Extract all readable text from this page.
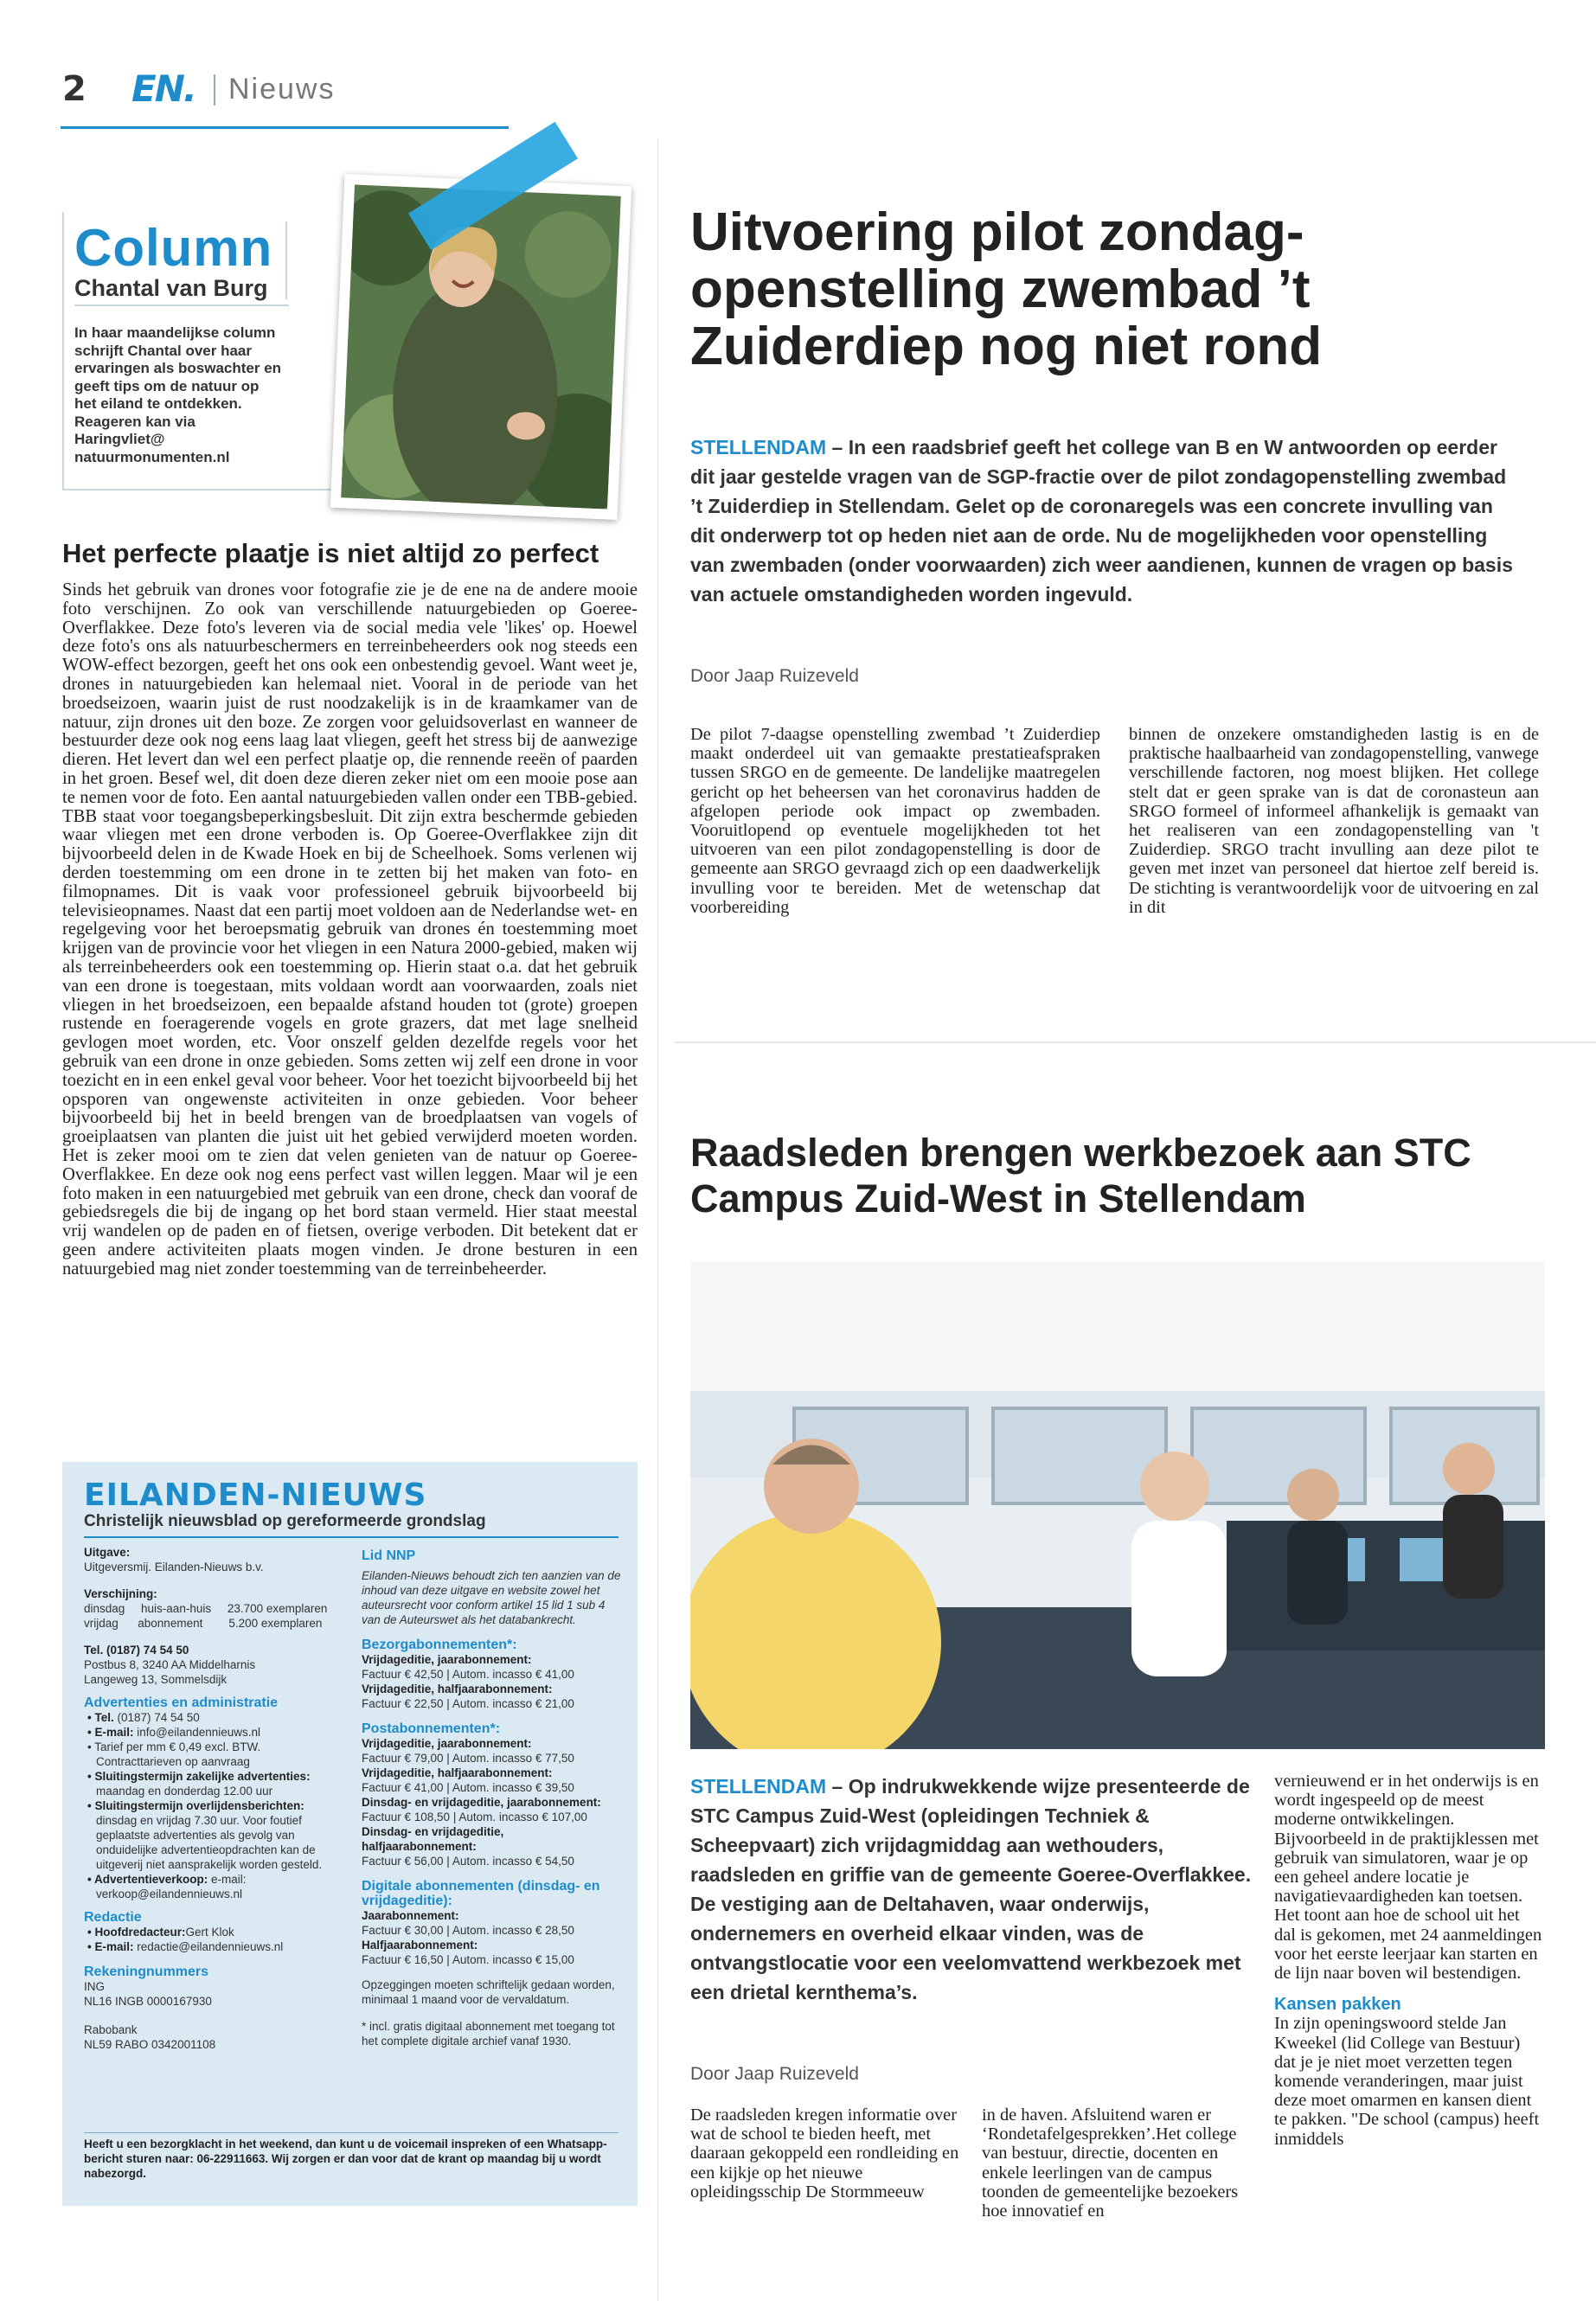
2 EN. Nieuws
Column
Chantal van Burg
In haar maandelijkse column schrijft Chantal over haar ervaringen als boswachter en geeft tips om de natuur op het eiland te ontdekken. Reageren kan via Haringvliet@ natuurmonumenten.nl
Het perfecte plaatje is niet altijd zo perfect
Sinds het gebruik van drones voor fotografie zie je de ene na de andere mooie foto verschijnen. Zo ook van verschillende natuurgebieden op Goeree-Overflakkee. Deze foto's leveren via de social media vele 'likes' op. Hoewel deze foto's ons als natuurbeschermers en terreinbeheerders ook nog steeds een WOW-effect bezorgen, geeft het ons ook een onbestendig gevoel. Want weet je, drones in natuurgebieden kan helemaal niet. Vooral in de periode van het broedseizoen, waarin juist de rust noodzakelijk is in de kraamkamer van de natuur, zijn drones uit den boze. Ze zorgen voor geluidsoverlast en wanneer de bestuurder deze ook nog eens laag laat vliegen, geeft het stress bij de aanwezige dieren. Het levert dan wel een perfect plaatje op, die rennende reeën of paarden in het groen. Besef wel, dit doen deze dieren zeker niet om een mooie pose aan te nemen voor de foto. Een aantal natuurgebieden vallen onder een TBB-gebied. TBB staat voor toegangsbeperkingsbesluit. Dit zijn extra beschermde gebieden waar vliegen met een drone verboden is. Op Goeree-Overflakkee zijn dit bijvoorbeeld delen in de Kwade Hoek en bij de Scheelhoek. Soms verlenen wij derden toestemming om een drone in te zetten bij het maken van foto- en filmopnames. Dit is vaak voor professioneel gebruik bijvoorbeeld bij televisieopnames. Naast dat een partij moet voldoen aan de Nederlandse wet- en regelgeving voor het beroepsmatig gebruik van drones én toestemming moet krijgen van de provincie voor het vliegen in een Natura 2000-gebied, maken wij als terreinbeheerders ook een toestemming op. Hierin staat o.a. dat het gebruik van een drone is toegestaan, mits voldaan wordt aan voorwaarden, zoals niet vliegen in het broedseizoen, een bepaalde afstand houden tot (grote) groepen rustende en foeragerende vogels en grote grazers, dat met lage snelheid gevlogen moet worden, etc. Voor onszelf gelden dezelfde regels voor het gebruik van een drone in onze gebieden. Soms zetten wij zelf een drone in voor toezicht en in een enkel geval voor beheer. Voor het toezicht bijvoorbeeld bij het opsporen van ongewenste activiteiten in onze gebieden. Voor beheer bijvoorbeeld bij het in beeld brengen van de broedplaatsen van vogels of groeiplaatsen van planten die juist uit het gebied verwijderd moeten worden. Het is zeker mooi om te zien dat velen genieten van de natuur op Goeree-Overflakkee. En deze ook nog eens perfect vast willen leggen. Maar wil je een foto maken in een natuurgebied met gebruik van een drone, check dan vooraf de gebiedsregels die bij de ingang op het bord staan vermeld. Hier staat meestal vrij wandelen op de paden en of fietsen, overige verboden. Dit betekent dat er geen andere activiteiten plaats mogen vinden. Je drone besturen in een natuurgebied mag niet zonder toestemming van de terreinbeheerder.
EILANDEN-NIEUWS
Christelijk nieuwsblad op gereformeerde grondslag
Uitgave:
Uitgeversmij. Eilanden-Nieuws b.v.
Verschijning:
dinsdag     huis-aan-huis     23.700 exemplaren
vrijdag      abonnement        5.200 exemplaren
Tel. (0187) 74 54 50
Postbus 8, 3240 AA Middelharnis
Langeweg 13, Sommelsdijk
Advertenties en administratie
• Tel. (0187) 74 54 50
• E-mail: info@eilandennieuws.nl
• Tarief per mm € 0,49 excl. BTW. Contracttarieven op aanvraag
• Sluitingstermijn zakelijke advertenties: maandag en donderdag 12.00 uur
• Sluitingstermijn overlijdensberichten: dinsdag en vrijdag 7.30 uur. Voor foutief geplaatste advertenties als gevolg van onduidelijke advertentieopdrachten kan de uitgeverij niet aansprakelijk worden gesteld.
• Advertentieverkoop: e-mail: verkoop@eilandennieuws.nl
Redactie
• Hoofdredacteur:Gert Klok
• E-mail: redactie@eilandennieuws.nl
Rekeningnummers
ING
NL16 INGB 0000167930
Rabobank
NL59 RABO 0342001108
Lid NNP
Eilanden-Nieuws behoudt zich ten aanzien van de inhoud van deze uitgave en website zowel het auteursrecht voor conform artikel 15 lid 1 sub 4 van de Auteurswet als het databankrecht.
Bezorgabonnementen*:
Vrijdageditie, jaarabonnement:
Factuur € 42,50 | Autom. incasso € 41,00
Vrijdageditie, halfjaarabonnement:
Factuur € 22,50 | Autom. incasso € 21,00
Postabonnementen*:
Vrijdageditie, jaarabonnement:
Factuur € 79,00 | Autom. incasso € 77,50
Vrijdageditie, halfjaarabonnement:
Factuur € 41,00 | Autom. incasso € 39,50
Dinsdag- en vrijdageditie, jaarabonnement:
Factuur € 108,50 | Autom. incasso € 107,00
Dinsdag- en vrijdageditie, halfjaarabonnement:
Factuur € 56,00 | Autom. incasso € 54,50
Digitale abonnementen (dinsdag- en vrijdageditie):
Jaarabonnement:
Factuur € 30,00 | Autom. incasso € 28,50
Halfjaarabonnement:
Factuur € 16,50 | Autom. incasso € 15,00
Opzeggingen moeten schriftelijk gedaan worden, minimaal 1 maand voor de vervaldatum.
* incl. gratis digitaal abonnement met toegang tot het complete digitale archief vanaf 1930.
Heeft u een bezorgklacht in het weekend, dan kunt u de voicemail inspreken of een Whatsapp-bericht sturen naar: 06-22911663. Wij zorgen er dan voor dat de krant op maandag bij u wordt nabezorgd.
Uitvoering pilot zondag-openstelling zwembad ’t Zuiderdiep nog niet rond
STELLENDAM – In een raadsbrief geeft het college van B en W antwoorden op eerder dit jaar gestelde vragen van de SGP-fractie over de pilot zondagopenstelling zwembad ’t Zuiderdiep in Stellendam. Gelet op de coronaregels was een concrete invulling van dit onderwerp tot op heden niet aan de orde. Nu de mogelijkheden voor openstelling van zwembaden (onder voorwaarden) zich weer aandienen, kunnen de vragen op basis van actuele omstandigheden worden ingevuld.
Door Jaap Ruizeveld
De pilot 7-daagse openstelling zwembad ’t Zuiderdiep maakt onderdeel uit van gemaakte prestatieafspraken tussen SRGO en de gemeente. De landelijke maatregelen gericht op het beheersen van het coronavirus hadden de afgelopen periode ook impact op zwembaden. Vooruitlopend op eventuele mogelijkheden tot het uitvoeren van een pilot zondagopenstelling is door de gemeente aan SRGO gevraagd zich op een daadwerkelijk invulling voor te bereiden. Met de wetenschap dat voorbereiding
binnen de onzekere omstandigheden lastig is en de praktische haalbaarheid van zondagopenstelling, vanwege verschillende factoren, nog moest blijken. Het college stelt dat er geen sprake van is dat de coronasteun aan SRGO formeel of informeel afhankelijk is gemaakt van het realiseren van een zondagopenstelling van 't Zuiderdiep. SRGO tracht invulling aan deze pilot te geven met inzet van personeel dat hiertoe zelf bereid is. De stichting is verantwoordelijk voor de uitvoering en zal in dit
Raadsleden brengen werkbezoek aan STC Campus Zuid-West in Stellendam
STELLENDAM – Op indrukwekkende wijze presenteerde de STC Campus Zuid-West (opleidingen Techniek & Scheepvaart) zich vrijdagmiddag aan wethouders, raadsleden en griffie van de gemeente Goeree-Overflakkee. De vestiging aan de Deltahaven, waar onderwijs, ondernemers en overheid elkaar vinden, was de ontvangstlocatie voor een veelomvattend werkbezoek met een drietal kernthema’s.
Door Jaap Ruizeveld
De raadsleden kregen informatie over wat de school te bieden heeft, met daaraan gekoppeld een rondleiding en een kijkje op het nieuwe opleidingsschip De Stormmeeuw
in de haven. Afsluitend waren er ‘Rondetafelgesprekken’.Het college van bestuur, directie, docenten en enkele leerlingen van de campus toonden de gemeentelijke bezoekers hoe innovatief en
vernieuwend er in het onderwijs is en wordt ingespeeld op de meest moderne ontwikkelingen. Bijvoorbeeld in de praktijklessen met gebruik van simulatoren, waar je op een geheel andere locatie je navigatievaardigheden kan toetsen. Het toont aan hoe de school uit het dal is gekomen, met 24 aanmeldingen voor het eerste leerjaar kan starten en de lijn naar boven wil bestendigen.
Kansen pakken
In zijn openingswoord stelde Jan Kweekel (lid College van Bestuur) dat je je niet moet verzetten tegen komende veranderingen, maar juist deze moet omarmen en kansen dient te pakken. "De school (campus) heeft inmiddels
